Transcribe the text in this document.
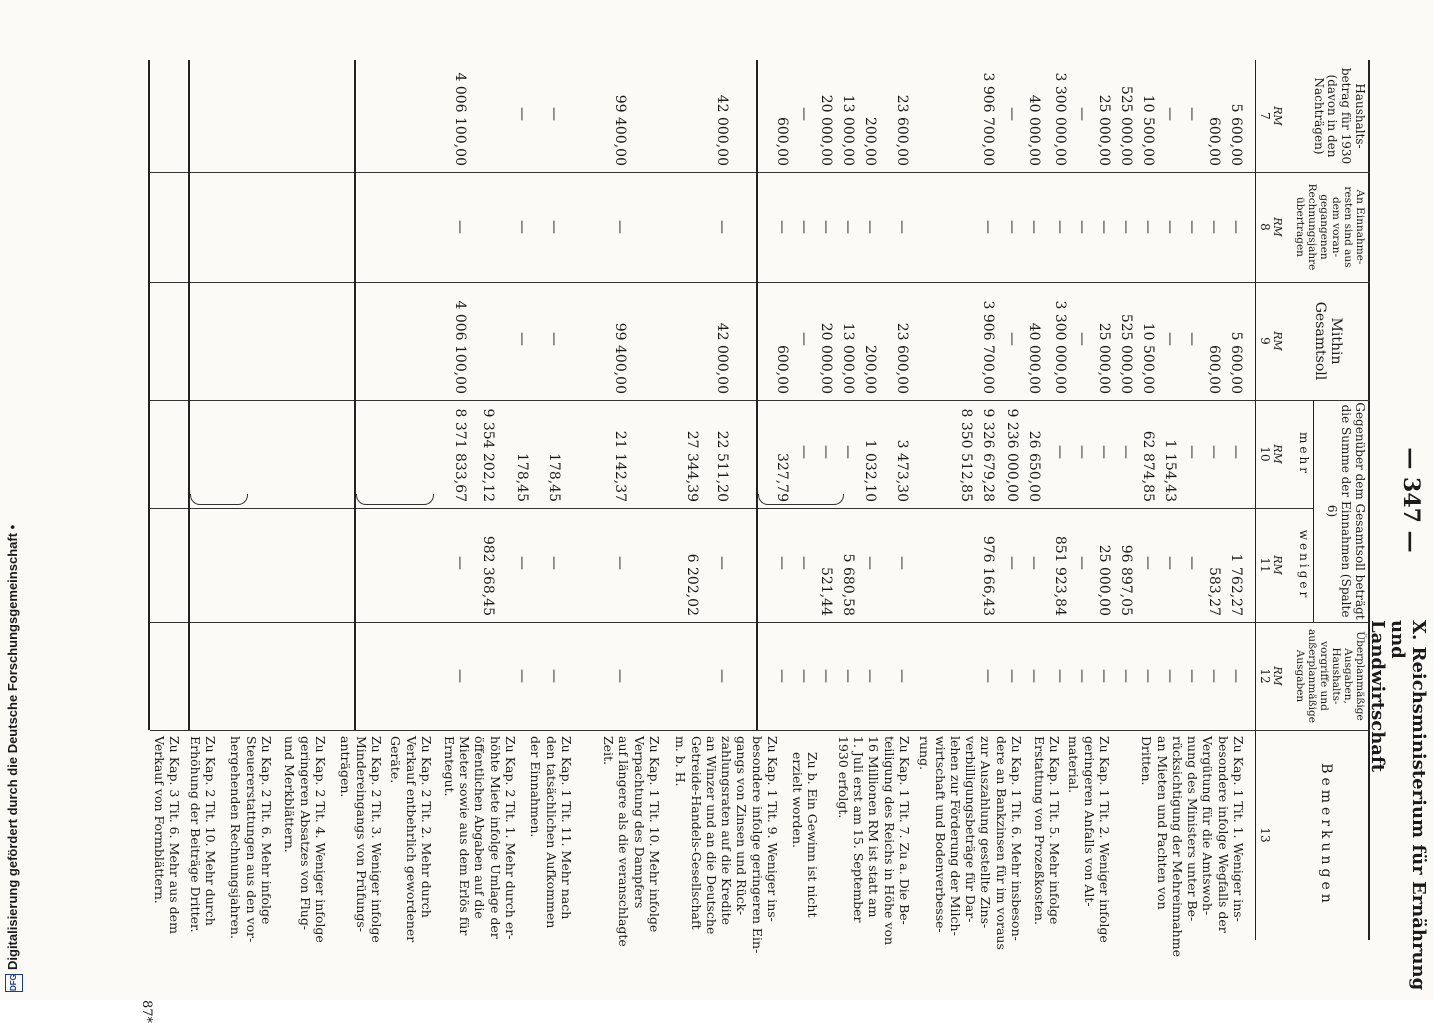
— 347 —
X. Reichsministerium für Ernährung und
Landwirtschaft
Haushalts- betrag für 1930 (davon in den Nachträgen)
An Einnahme- resten sind aus dem voran- gegangenen Rechnungsjahre übertragen
Mithin Gesamtsoll
Gegenüber dem Gesamtsoll beträgt die Summe der Einnahmen (Spalte 6)
mehr
weniger
Überplanmäßige Ausgaben, Haushalts- vorgriffe und außerplanmäßige Ausgaben
Bemerkungen
RM
RM
RM
RM
RM
RM
7
8
9
10
11
12
13
5 600,00
—
5 600,00
—
1 762,27
—
600,00
—
600,00
—
583,27
—
—
—
—
—
—
—
—
—
—
1 154,43
—
—
10 500,00
—
10 500,00
62 874,85
—
—
525 000,00
—
525 000,00
—
96 897,05
—
25 000,00
—
25 000,00
—
25 000,00
—
—
—
—
—
—
—
3 300 000,00
—
3 300 000,00
—
851 923,84
—
40 000,00
—
40 000,00
26 650,00
—
—
—
—
—
9 236 000,00
—
—
3 906 700,00
—
3 906 700,00
9 326 679,28
976 166,43
—
8 350 512,85
23 600,00
—
23 600,00
3 473,30
—
—
200,00
—
200,00
1 032,10
—
—
13 000,00
—
13 000,00
—
5 680,58
—
20 000,00
—
20 000,00
—
521,44
—
—
—
—
—
—
—
600,00
—
600,00
327,79
—
—
42 000,00
—
42 000,00
22 511,20
—
—
27 344,39
6 202,02
99 400,00
—
99 400,00
21 142,37
—
—
—
—
—
178,45
—
—
—
—
—
178,45
—
—
9 354 202,12
982 368,45
4 006 100,00
—
4 006 100,00
8 371 833,67
—
—
Zu Kap. 1 Tit. 1. Weniger ins-
besondere infolge Wegfalls der
Vergütung für die Amtswoh-
nung des Ministers unter Be-
rücksichtigung der Mehreinnahme
an Mieten und Pachten von
Dritten.
Zu Kap. 1 Tit. 2. Weniger infolge
geringeren Anfalls von Alt-
material.
Zu Kap. 1 Tit. 5. Mehr infolge
Erstattung von Prozeßkosten.
Zu Kap. 1 Tit. 6. Mehr insbeson-
dere an Bankzinsen für im voraus
zur Auszahlung gestellte Zins-
verbilligungsbeträge für Dar-
lehen zur Förderung der Milch-
wirtschaft und Bodenverbesse-
rung.
Zu Kap. 1 Tit. 7. Zu a. Die Be-
teiligung des Reichs in Höhe von
16 Millionen RM ist statt am
1. Juli erst am 15. September
1930 erfolgt.
Zu b. Ein Gewinn ist nicht
erzielt worden.
Zu Kap. 1 Tit. 9. Weniger ins-
besondere infolge geringeren Ein-
gangs von Zinsen und Rück-
zahlungsraten auf die Kredite
an Winzer und an die Deutsche
Getreide-Handels-Gesellschaft
m. b. H.
Zu Kap. 1 Tit. 10. Mehr infolge
Verpachtung des Dampfers
auf längere als die veranschlagte
Zeit.
Zu Kap. 1 Tit. 11. Mehr nach
den tatsächlichen Aufkommen
der Einnahmen.
Zu Kap. 2 Tit. 1. Mehr durch er-
höhte Miete infolge Umlage der
öffentlichen Abgaben auf die
Mieter sowie aus dem Erlös für
Erntegut.
Zu Kap. 2 Tit. 2. Mehr durch
Verkauf entbehrlich gewordener
Geräte.
Zu Kap. 2 Tit. 3. Weniger infolge
Mindereingangs von Prüfungs-
anträgen.
Zu Kap. 2 Tit. 4. Weniger infolge
geringeren Absatzes von Flug-
und Merkblättern.
Zu Kap. 2 Tit. 6. Mehr infolge
Steuererstattungen aus den vor-
hergehenden Rechnungsjahren.
Zu Kap. 2 Tit. 10. Mehr durch
Erhöhung der Beiträge Dritter.
Zu Kap. 3 Tit. 6. Mehr aus dem
Verkauf von Formblättern.
87*
DFG
Digitalisierung gefördert durch die Deutsche Forschungsgemeinschaft •
